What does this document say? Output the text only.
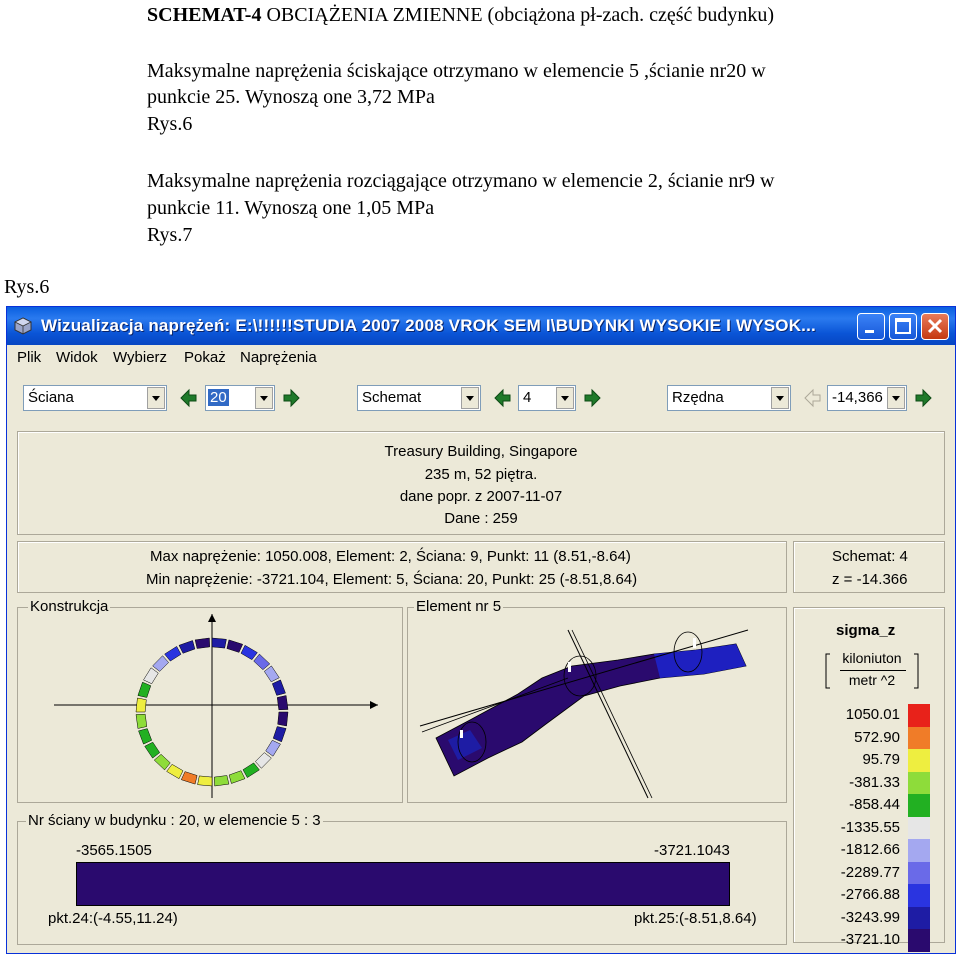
SCHEMAT-4 OBCIĄŻENIA ZMIENNE (obciążona pł-zach. część budynku)
Maksymalne naprężenia ściskające otrzymano w elemencie 5 ,ścianie nr20 w
punkcie 25. Wynoszą one 3,72 MPa
Rys.6
Maksymalne naprężenia rozciągające otrzymano w elemencie 2, ścianie nr9 w
punkcie 11. Wynoszą one 1,05 MPa
Rys.7
Rys.6
Wizualizacja naprężeń: E:\!!!!!!STUDIA 2007 2008 VROK SEM I\BUDYNKI WYSOKIE I WYSOK...
Plik Widok Wybierz Pokaż Naprężenia
Ściana	20	Schemat	4	Rzędna	-14,366
Treasury Building, Singapore
235 m, 52 piętra.
dane popr. z 2007-11-07
Dane : 259
Max naprężenie: 1050.008, Element: 2, Ściana: 9, Punkt: 11 (8.51,-8.64)
Min naprężenie: -3721.104, Element: 5, Ściana: 20, Punkt: 25 (-8.51,8.64)
Schemat: 4
z = -14.366
Konstrukcja	Element nr 5
sigma_z
kiloniuton
metr ^2
1050.01
572.90
95.79
-381.33
-858.44
-1335.55
-1812.66
-2289.77
-2766.88
-3243.99
-3721.10
-3565.1505	-3721.1043
pkt.24:(-4.55,11.24)	pkt.25:(-8.51,8.64)
Nr ściany w budynku : 20, w elemencie 5 : 3
